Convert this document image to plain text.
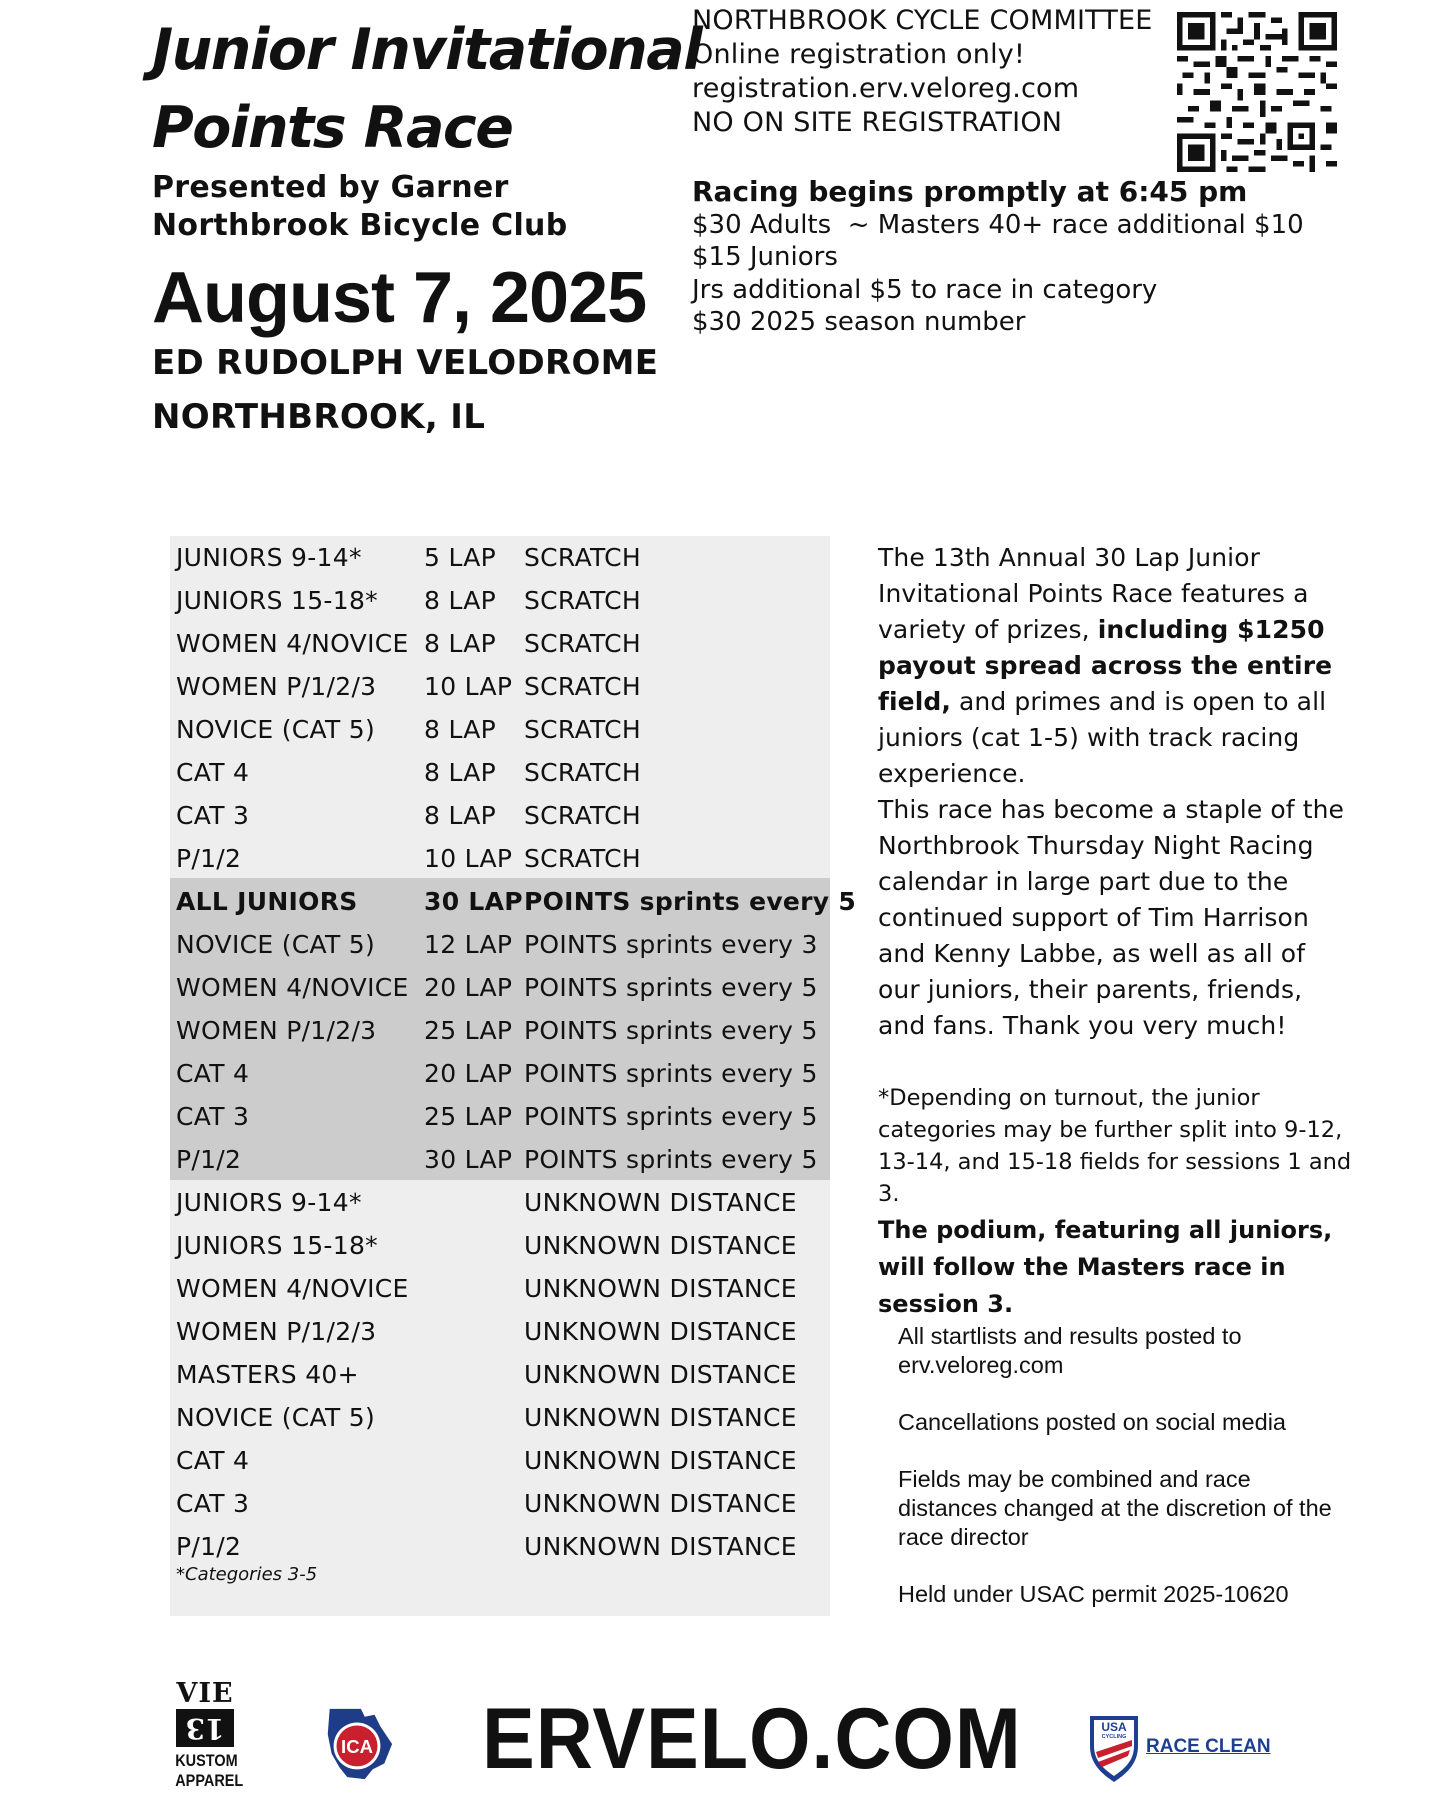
Junior Invitational
Points Race
Presented by Garner
Northbrook Bicycle Club
August 7, 2025
ED RUDOLPH VELODROME
NORTHBROOK, IL
NORTHBROOK CYCLE COMMITTEE
Online registration only!
registration.erv.veloreg.com
NO ON SITE REGISTRATION
Racing begins promptly at 6:45 pm
$30 Adults  ~ Masters 40+ race additional $10
$15 Juniors
Jrs additional $5 to race in category
$30 2025 season number
JUNIORS 9-14* 5 LAP SCRATCH
JUNIORS 15-18* 8 LAP SCRATCH
WOMEN 4/NOVICE 8 LAP SCRATCH
WOMEN P/1/2/3 10 LAP SCRATCH
NOVICE (CAT 5) 8 LAP SCRATCH
CAT 4	8 LAP SCRATCH
CAT 3	8 LAP SCRATCH
P/1/2	10 LAP SCRATCH
ALL JUNIORS	30 LAP POINTS sprints every 5
NOVICE (CAT 5) 12 LAP POINTS sprints every 3
WOMEN 4/NOVICE 20 LAP POINTS sprints every 5
WOMEN P/1/2/3 25 LAP POINTS sprints every 5
CAT 4	20 LAP POINTS sprints every 5
CAT 3	25 LAP POINTS sprints every 5
P/1/2	30 LAP POINTS sprints every 5
JUNIORS 9-14*	UNKNOWN DISTANCE
JUNIORS 15-18*	UNKNOWN DISTANCE
WOMEN 4/NOVICE	UNKNOWN DISTANCE
WOMEN P/1/2/3	UNKNOWN DISTANCE
MASTERS 40+	UNKNOWN DISTANCE
NOVICE (CAT 5)	UNKNOWN DISTANCE
CAT 4	UNKNOWN DISTANCE
CAT 3	UNKNOWN DISTANCE
P/1/2	UNKNOWN DISTANCE
*Categories 3-5
The 13th Annual 30 Lap Junior Invitational Points Race features a variety of prizes, including $1250 payout spread across the entire field, and primes and is open to all juniors (cat 1-5) with track racing experience.
This race has become a staple of the Northbrook Thursday Night Racing calendar in large part due to the continued support of Tim Harrison and Kenny Labbe, as well as all of our juniors, their parents, friends, and fans. Thank you very much!
*Depending on turnout, the junior categories may be further split into 9-12, 13-14, and 15-18 fields for sessions 1 and 3.
The podium, featuring all juniors, will follow the Masters race in session 3.

All startlists and results posted to erv.veloreg.com

Cancellations posted on social media

Fields may be combined and race distances changed at the discretion of the race director

Held under USAC permit 2025-10620

VIE
13
KUSTOM
APPAREL
ICA ERVELO.COM	USA
CYCLING RACE CLEAN
